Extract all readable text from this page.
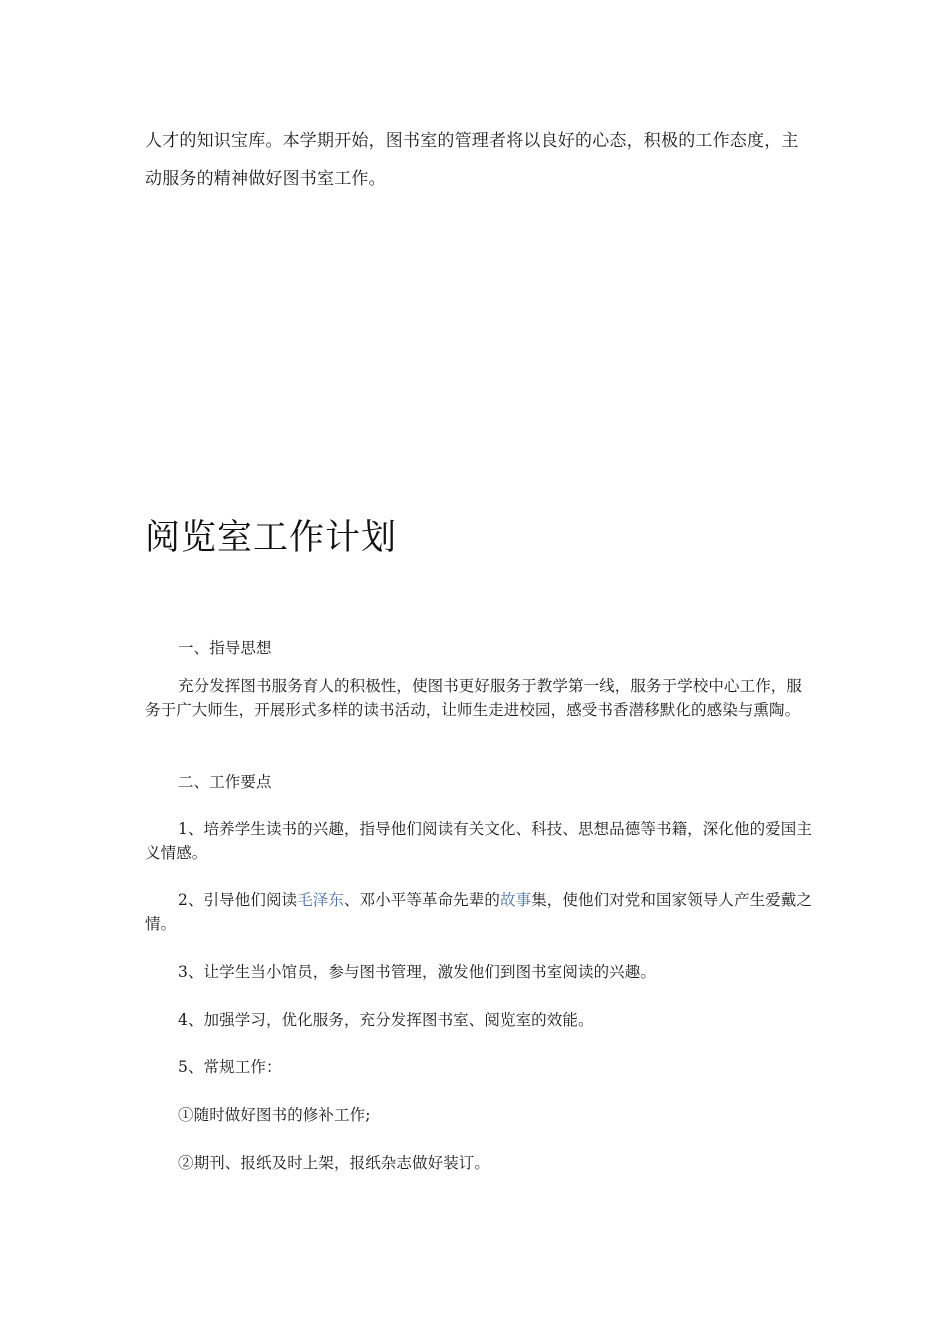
人才的知识宝库。本学期开始，图书室的管理者将以良好的心态，积极的工作态度，主动服务的精神做好图书室工作。

阅览室工作计划

一、指导思想

充分发挥图书服务育人的积极性，使图书更好服务于教学第一线，服务于学校中心工作，服务于广大师生，开展形式多样的读书活动，让师生走进校园，感受书香潜移默化的感染与熏陶。

二、工作要点

1、培养学生读书的兴趣，指导他们阅读有关文化、科技、思想品德等书籍，深化他的爱国主义情感。

2、引导他们阅读毛泽东、邓小平等革命先辈的故事集，使他们对党和国家领导人产生爱戴之情。

3、让学生当小馆员，参与图书管理，激发他们到图书室阅读的兴趣。

4、加强学习，优化服务，充分发挥图书室、阅览室的效能。

5、常规工作：

①随时做好图书的修补工作;

②期刊、报纸及时上架，报纸杂志做好装订。
